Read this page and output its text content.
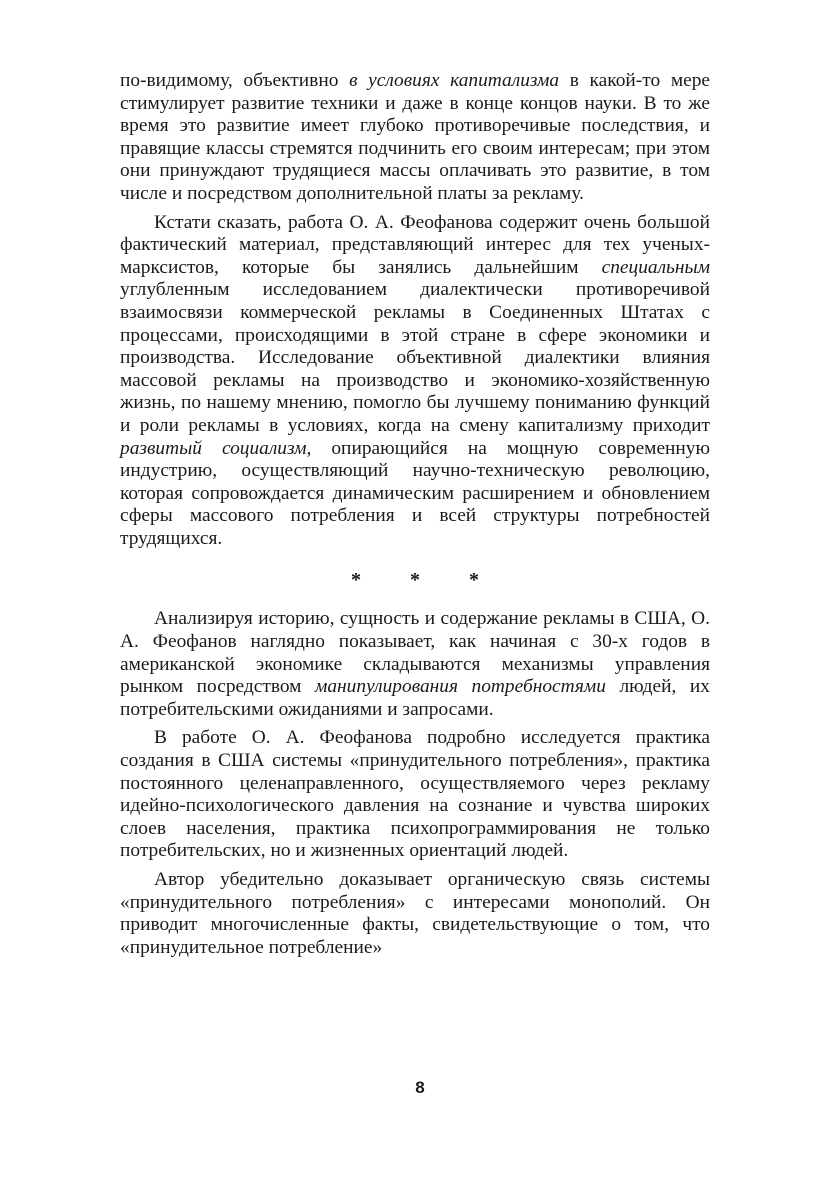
по-видимому, объективно в условиях капитализма в какой-то мере стимулирует развитие техники и даже в конце концов науки. В то же время это развитие имеет глубоко противоречивые последствия, и правящие классы стремятся подчинить его своим интересам; при этом они принуждают трудящиеся массы оплачивать это развитие, в том числе и посредством дополнительной платы за рекламу.

Кстати сказать, работа О. А. Феофанова содержит очень большой фактический материал, представляющий интерес для тех ученых-марксистов, которые бы занялись дальнейшим специальным углубленным исследованием диалектически противоречивой взаимосвязи коммерческой рекламы в Соединенных Штатах с процессами, происходящими в этой стране в сфере экономики и производства. Исследование объективной диалектики влияния массовой рекламы на производство и экономико-хозяйственную жизнь, по нашему мнению, помогло бы лучшему пониманию функций и роли рекламы в условиях, когда на смену капитализму приходит развитый социализм, опирающийся на мощную современную индустрию, осуществляющий научно-техническую революцию, которая сопровождается динамическим расширением и обновлением сферы массового потребления и всей структуры потребностей трудящихся.

* * *

Анализируя историю, сущность и содержание рекламы в США, О. А. Феофанов наглядно показывает, как начиная с 30-х годов в американской экономике складываются механизмы управления рынком посредством манипулирования потребностями людей, их потребительскими ожиданиями и запросами.

В работе О. А. Феофанова подробно исследуется практика создания в США системы «принудительного потребления», практика постоянного целенаправленного, осуществляемого через рекламу идейно-психологического давления на сознание и чувства широких слоев населения, практика психопрограммирования не только потребительских, но и жизненных ориентаций людей.

Автор убедительно доказывает органическую связь системы «принудительного потребления» с интересами монополий. Он приводит многочисленные факты, свидетельствующие о том, что «принудительное потребление»

8
